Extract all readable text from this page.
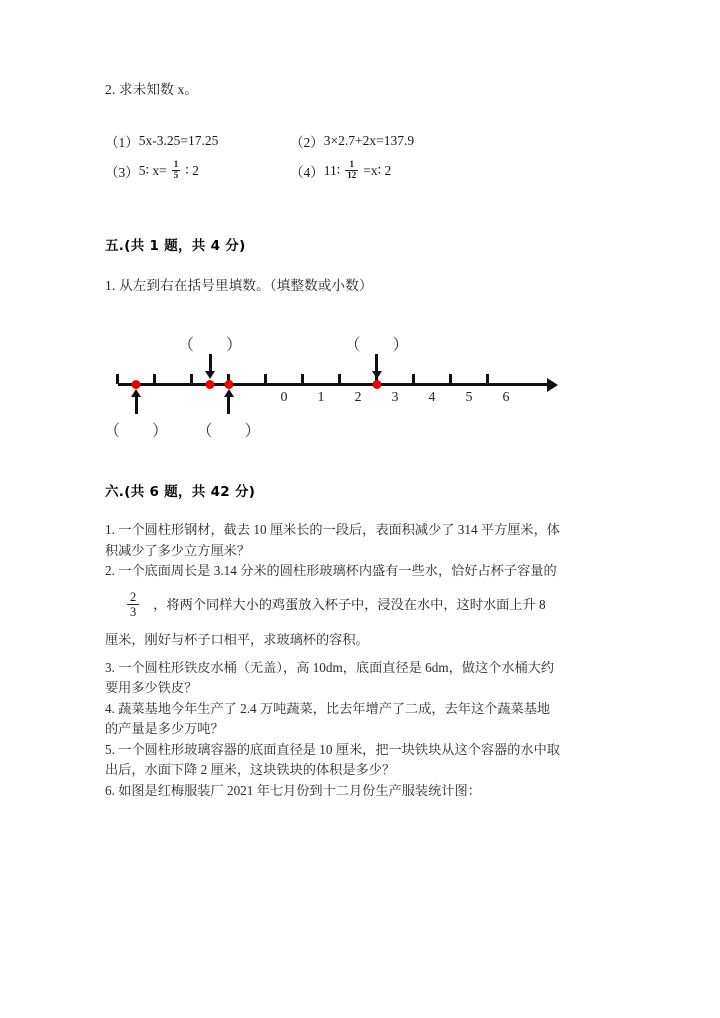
2. 求未知数 x。
（1） 5x-3.25=17.25	（2） 3×2.7+2x=137.9
（3） 5∶ $x= \frac{1}{5}$ ∶ 2	（4） 11∶ $\frac{1}{12}$ =x∶ 2
五.(共 1 题，共 4 分)
1. 从左到右在括号里填数。（填整数或小数）
0 1 2 3 4 5 6
（        ）	（        ）
（        ） （        ）
六.(共 6 题，共 42 分)
1. 一个圆柱形钢材，截去 10 厘米长的一段后，表面积减少了 314 平方厘米，体
积减少了多少立方厘米？
2. 一个底面周长是 3.14 分米的圆柱形玻璃杯内盛有一些水，恰好占杯子容量的
$\frac{2}{3}$ ，将两个同样大小的鸡蛋放入杯子中，浸没在水中，这时水面上升 8
厘米，刚好与杯子口相平，求玻璃杯的容积。
3. 一个圆柱形铁皮水桶（无盖），高 10dm，底面直径是 6dm，做这个水桶大约
要用多少铁皮？
4. 蔬菜基地今年生产了 2.4 万吨蔬菜，比去年增产了二成，去年这个蔬菜基地
的产量是多少万吨？
5. 一个圆柱形玻璃容器的底面直径是 10 厘米，把一块铁块从这个容器的水中取
出后，水面下降 2 厘米，这块铁块的体积是多少？
6. 如图是红梅服装厂 2021 年七月份到十二月份生产服装统计图：
